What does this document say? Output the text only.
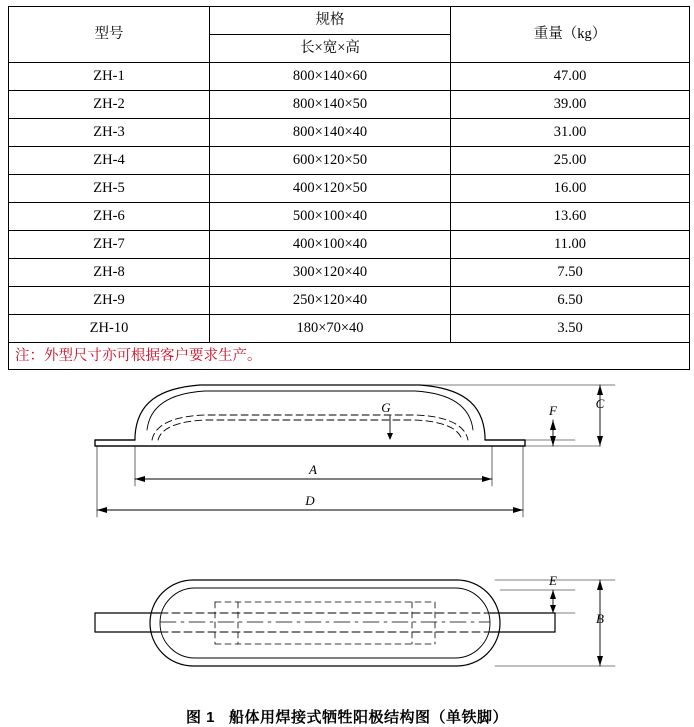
型号	规格	重量（kg）
	长×宽×高	
ZH-1	800×140×60	47.00
ZH-2	800×140×50	39.00
ZH-3	800×140×40	31.00
ZH-4	600×120×50	25.00
ZH-5	400×120×50	16.00
ZH-6	500×100×40	13.60
ZH-7	400×100×40	11.00
ZH-8	300×120×40	7.50
ZH-9	250×120×40	6.50
ZH-10	180×70×40	3.50
注：外型尺寸亦可根据客户要求生产。		
G
A
D
F	C
E
B
图 1 船体用焊接式牺牲阳极结构图（单铁脚）
